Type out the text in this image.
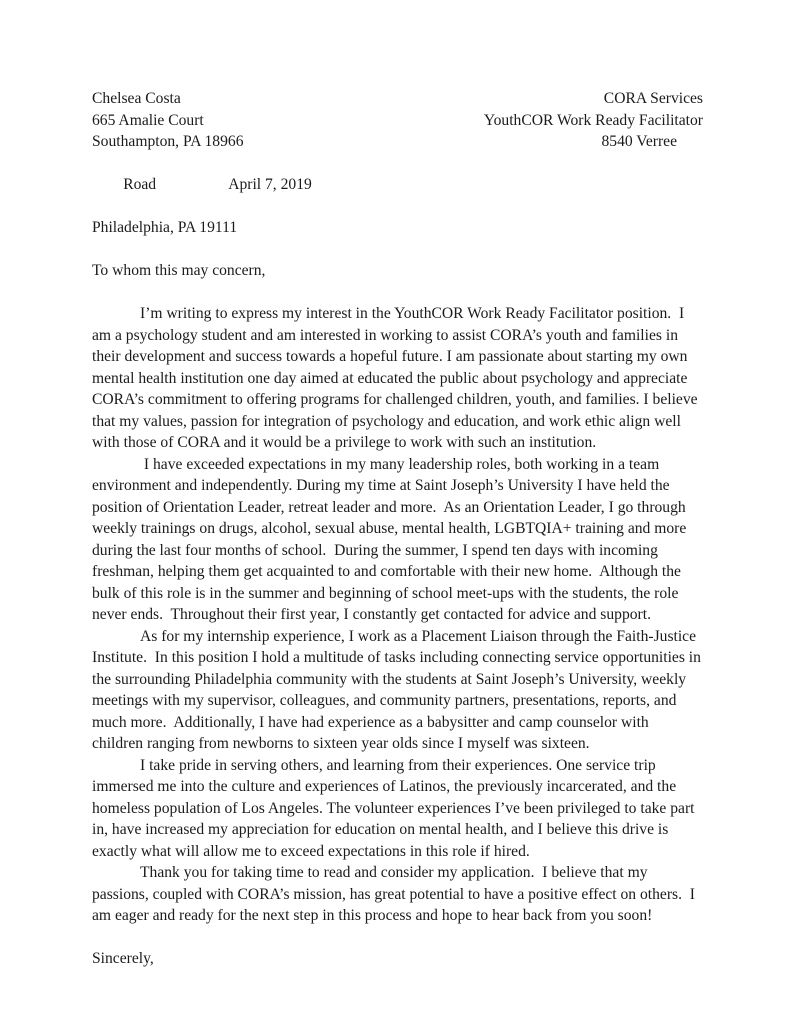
Chelsea Costa	CORA Services
665 Amalie Court	YouthCOR Work Ready Facilitator
Southampton, PA 18966	8540 Verree

Road	April 7, 2019

Philadelphia, PA 19111
To whom this may concern,

I’m writing to express my interest in the YouthCOR Work Ready Facilitator position.  I am a psychology student and am interested in working to assist CORA’s youth and families in their development and success towards a hopeful future. I am passionate about starting my own mental health institution one day aimed at educated the public about psychology and appreciate CORA’s commitment to offering programs for challenged children, youth, and families. I believe that my values, passion for integration of psychology and education, and work ethic align well with those of CORA and it would be a privilege to work with such an institution.

I have exceeded expectations in my many leadership roles, both working in a team environment and independently. During my time at Saint Joseph’s University I have held the position of Orientation Leader, retreat leader and more.  As an Orientation Leader, I go through weekly trainings on drugs, alcohol, sexual abuse, mental health, LGBTQIA+ training and more during the last four months of school.  During the summer, I spend ten days with incoming freshman, helping them get acquainted to and comfortable with their new home.  Although the bulk of this role is in the summer and beginning of school meet-ups with the students, the role never ends.  Throughout their first year, I constantly get contacted for advice and support.

As for my internship experience, I work as a Placement Liaison through the Faith-Justice Institute.  In this position I hold a multitude of tasks including connecting service opportunities in the surrounding Philadelphia community with the students at Saint Joseph’s University, weekly meetings with my supervisor, colleagues, and community partners, presentations, reports, and much more.  Additionally, I have had experience as a babysitter and camp counselor with children ranging from newborns to sixteen year olds since I myself was sixteen.

I take pride in serving others, and learning from their experiences. One service trip immersed me into the culture and experiences of Latinos, the previously incarcerated, and the homeless population of Los Angeles. The volunteer experiences I’ve been privileged to take part in, have increased my appreciation for education on mental health, and I believe this drive is exactly what will allow me to exceed expectations in this role if hired.

Thank you for taking time to read and consider my application.  I believe that my passions, coupled with CORA’s mission, has great potential to have a positive effect on others.  I am eager and ready for the next step in this process and hope to hear back from you soon!

Sincerely,
